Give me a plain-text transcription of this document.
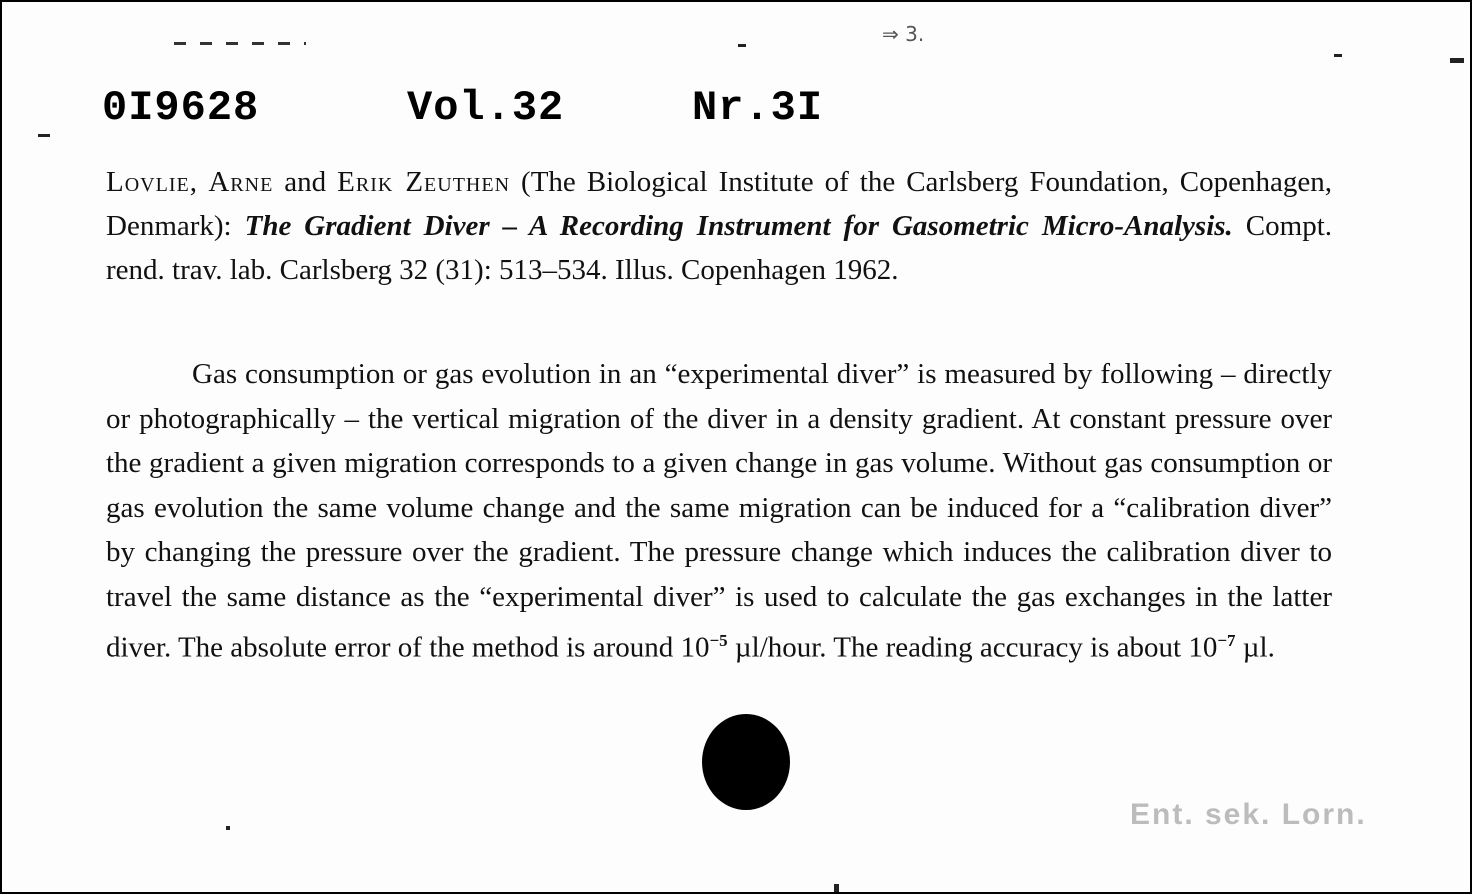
⇒ 3.
0I9628	Vol.32	Nr.3I
Lovlie, Arne and Erik Zeuthen (The Biological Institute of the Carlsberg Foundation, Copenhagen, Denmark): The Gradient Diver – A Recording Instrument for Gasometric Micro-Analysis. Compt. rend. trav. lab. Carlsberg 32 (31): 513–534. Illus. Copenhagen 1962.
Gas consumption or gas evolution in an “experimental diver” is measured by following – directly or photographically – the vertical migration of the diver in a density gradient. At constant pressure over the gradient a given migration corresponds to a given change in gas volume. Without gas consumption or gas evolution the same volume change and the same migration can be induced for a “calibration diver” by changing the pressure over the gradient. The pressure change which induces the calibration diver to travel the same distance as the “experimental diver” is used to calculate the gas exchanges in the latter diver. The absolute error of the method is around $10^{-5}$ µl/hour. The reading accuracy is about $10^{-7}$ µl.
Ent. sek. Lorn.
